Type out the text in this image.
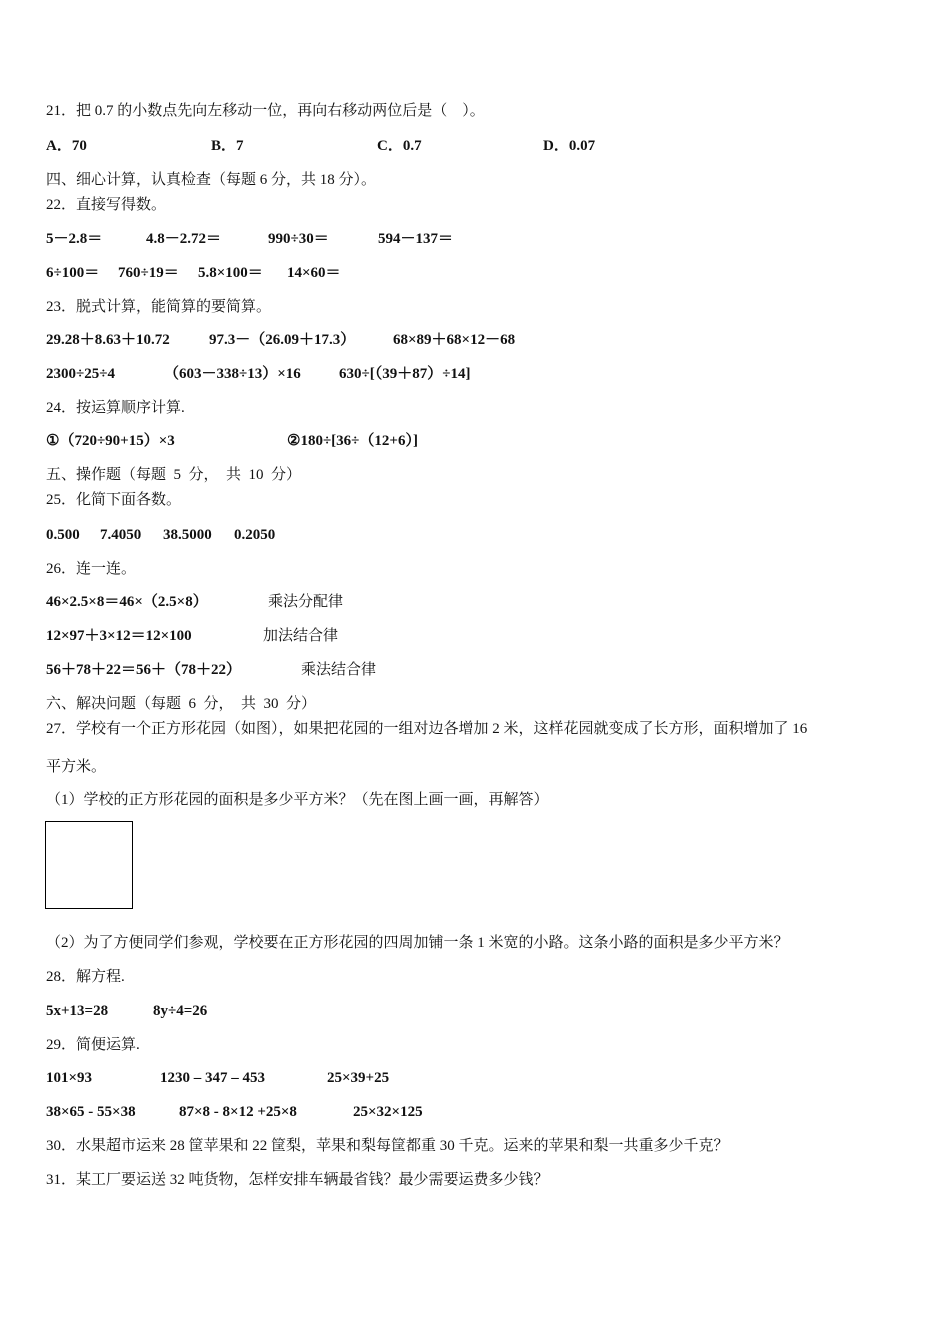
21．把 0.7 的小数点先向左移动一位，再向右移动两位后是（    ）。
A．70	B．7	C．0.7	D．0.07
四、细心计算，认真检查（每题 6 分，共 18 分）。
22．直接写得数。
5－2.8＝	4.8－2.72＝	990÷30＝	594－137＝
6÷100＝ 760÷19＝ 5.8×100＝ 14×60＝
23．脱式计算，能简算的要简算。
29.28＋8.63＋10.72	97.3－（26.09＋17.3）	68×89＋68×12－68
2300÷25÷4	（603－338÷13）×16	630÷[（39＋87）÷14]
24．按运算顺序计算.
①（720÷90+15）×3	②180÷[36÷（12+6）]
五、操作题（每题  5  分，  共  10  分）
25．化简下面各数。
0.500 7.4050 38.5000 0.2050
26．连一连。
46×2.5×8＝46×（2.5×8）	乘法分配律
12×97＋3×12＝12×100	加法结合律
56＋78＋22＝56＋（78＋22）	乘法结合律
六、解决问题（每题  6  分，  共  30  分）
27．学校有一个正方形花园（如图），如果把花园的一组对边各增加 2 米，这样花园就变成了长方形，面积增加了 16
平方米。
（1）学校的正方形花园的面积是多少平方米？（先在图上画一画，再解答）
（2）为了方便同学们参观，学校要在正方形花园的四周加铺一条 1 米宽的小路。这条小路的面积是多少平方米？
28．解方程.
5x+13=28	8y÷4=26
29．简便运算.
101×93	1230 – 347 – 453	25×39+25
38×65 - 55×38	87×8 - 8×12 +25×8	25×32×125
30．水果超市运来 28 筐苹果和 22 筐梨，苹果和梨每筐都重 30 千克。运来的苹果和梨一共重多少千克？
31．某工厂要运送 32 吨货物，怎样安排车辆最省钱？最少需要运费多少钱？
